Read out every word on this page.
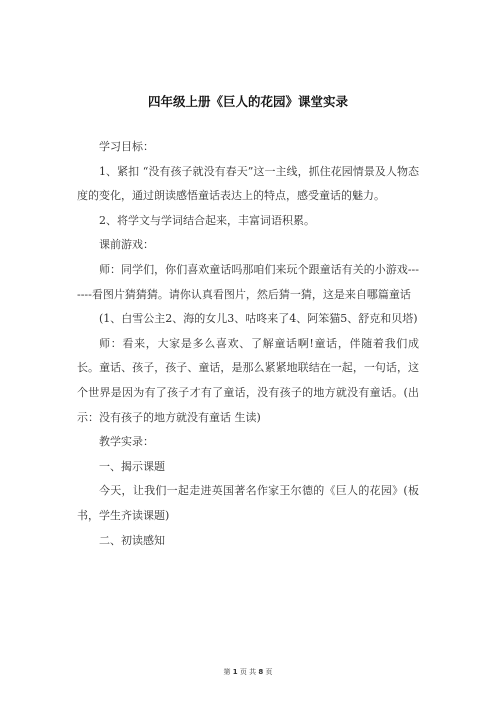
四年级上册《巨人的花园》课堂实录

学习目标：

1、紧扣 “没有孩子就没有春天”这一主线，抓住花园情景及人物态度的变化，通过朗读感悟童话表达上的特点，感受童话的魅力。

2、将学文与学词结合起来，丰富词语积累。

课前游戏：

师：同学们，你们喜欢童话吗那咱们来玩个跟童话有关的小游戏-------看图片猜猜猜。请你认真看图片，然后猜一猜，这是来自哪篇童话

(1、白雪公主2、海的女儿3、咕咚来了4、阿笨猫5、舒克和贝塔)

师：看来，大家是多么喜欢、了解童话啊!童话，伴随着我们成长。童话、孩子，孩子、童话，是那么紧紧地联结在一起，一句话，这个世界是因为有了孩子才有了童话，没有孩子的地方就没有童话。(出示：没有孩子的地方就没有童话 生读)

教学实录：

一、揭示课题

今天，让我们一起走进英国著名作家王尔德的《巨人的花园》(板书，学生齐读课题)

二、初读感知

第 1 页 共 8 页
